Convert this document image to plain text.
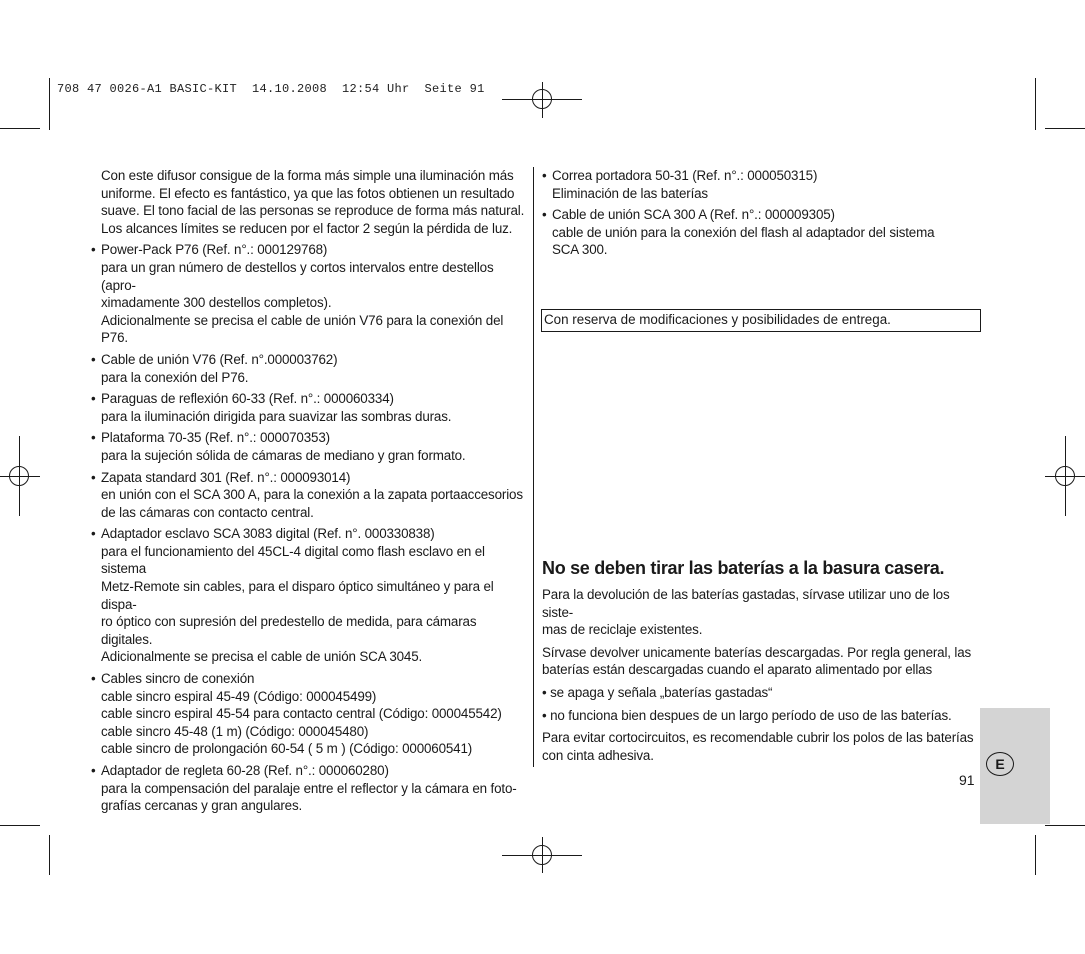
708 47 0026-A1 BASIC-KIT  14.10.2008  12:54 Uhr  Seite 91

Con este difusor consigue de la forma más simple una iluminación más

uniforme. El efecto es fantástico, ya que las fotos obtienen un resultado

suave. El tono facial de las personas se reproduce de forma más natural.

Los alcances límites se reducen por el factor 2 según la pérdida de luz.

• Power-Pack P76 (Ref. n°.: 000129768)

para un gran número de destellos y cortos intervalos entre destellos (apro-

ximadamente 300 destellos completos).

Adicionalmente se precisa el cable de unión V76 para la conexión del

P76.

• Cable de unión V76 (Ref. n°.000003762)

para la conexión del P76.

• Paraguas de reflexión 60-33 (Ref. n°.: 000060334)

para la iluminación dirigida para suavizar las sombras duras.

• Plataforma 70-35 (Ref. n°.: 000070353)

para la sujeción sólida de cámaras de mediano y gran formato.

• Zapata standard 301 (Ref. n°.: 000093014)

en unión con el SCA 300 A, para la conexión a la zapata portaaccesorios

de las cámaras con contacto central.

• Adaptador esclavo SCA 3083 digital (Ref. n°. 000330838)

para el funcionamiento del 45CL-4 digital como flash esclavo en el sistema

Metz-Remote sin cables, para el disparo óptico simultáneo y para el dispa-

ro óptico con supresión del predestello de medida, para cámaras digitales.

Adicionalmente se precisa el cable de unión SCA 3045.

• Cables sincro de conexión

cable sincro espiral 45-49 (Código: 000045499)

cable sincro espiral 45-54 para contacto central (Código: 000045542)

cable sincro 45-48 (1 m) (Código: 000045480)

cable sincro de prolongación 60-54 ( 5 m ) (Código: 000060541)

• Adaptador de regleta 60-28 (Ref. n°.: 000060280)

para la compensación del paralaje entre el reflector y la cámara en foto-

grafías cercanas y gran angulares.

• Correa portadora 50-31 (Ref. n°.: 000050315)

Eliminación de las baterías

• Cable de unión SCA 300 A (Ref. n°.: 000009305)

cable de unión para la conexión del flash al adaptador del sistema

SCA 300.

Con reserva de modificaciones y posibilidades de entrega.
No se deben tirar las baterías a la basura casera.

Para la devolución de las baterías gastadas, sírvase utilizar uno de los siste-
mas de reciclaje existentes.

Sírvase devolver unicamente baterías descargadas. Por regla general, las
baterías están descargadas cuando el aparato alimentado por ellas

• se apaga y señala „baterías gastadas“

• no funciona bien despues de un largo período de uso de las baterías.

Para evitar cortocircuitos, es recomendable cubrir los polos de las baterías
con cinta adhesiva.

E
91
